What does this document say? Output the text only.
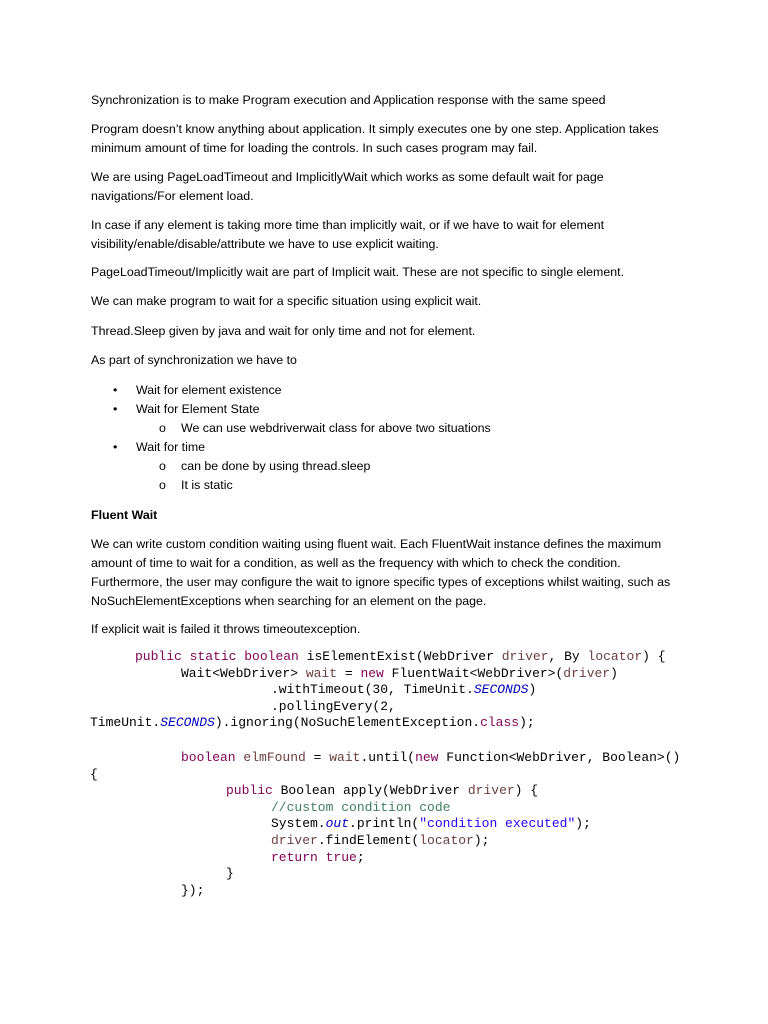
Synchronization is to make Program execution and Application response with the same speed

Program doesn’t know anything about application. It simply executes one by one step. Application takes minimum amount of time for loading the controls. In such cases program may fail.

We are using PageLoadTimeout and ImplicitlyWait which works as some default wait for page navigations/For element load.

In case if any element is taking more time than implicitly wait, or if we have to wait for element visibility/enable/disable/attribute we have to use explicit waiting.

PageLoadTimeout/Implicitly wait are part of Implicit wait. These are not specific to single element.

We can make program to wait for a specific situation using explicit wait.

Thread.Sleep given by java and wait for only time and not for element.

As part of synchronization we have to

• Wait for element existence
• Wait for Element State
o We can use webdriverwait class for above two situations
• Wait for time
o can be done by using thread.sleep
o It is static

Fluent Wait

We can write custom condition waiting using fluent wait. Each FluentWait instance defines the maximum amount of time to wait for a condition, as well as the frequency with which to check the condition. Furthermore, the user may configure the wait to ignore specific types of exceptions whilst waiting, such as NoSuchElementExceptions when searching for an element on the page.

If explicit wait is failed it throws timeoutexception.

public static boolean isElementExist(WebDriver driver, By locator) {
Wait<WebDriver> wait = new FluentWait<WebDriver>(driver)
.withTimeout(30, TimeUnit.SECONDS)
.pollingEvery(2,
TimeUnit.SECONDS).ignoring(NoSuchElementException.class);
boolean elmFound = wait.until(new Function<WebDriver, Boolean>()
{
public Boolean apply(WebDriver driver) {
//custom condition code
System.out.println("condition executed");
driver.findElement(locator);
return true;
}
});
